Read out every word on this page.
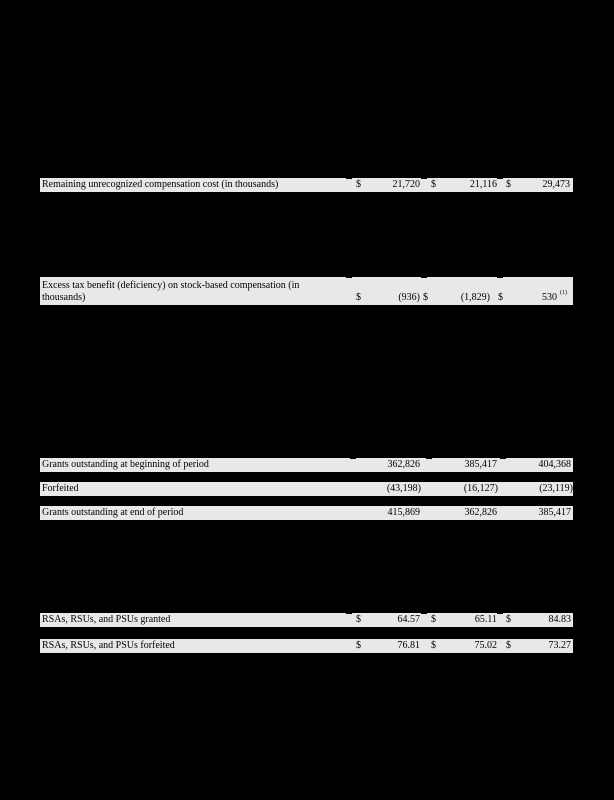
Remaining unrecognized compensation cost (in thousands)	$	21,720 $	21,116 $	29,473
Excess tax benefit (deficiency) on stock-based compensation (in
thousands)	$	(936) $	(1,829) $	530 (1)
Grants outstanding at beginning of period	362,826	385,417	404,368
Forfeited	(43,198)	(16,127)	(23,119)
Grants outstanding at end of period	415,869	362,826	385,417
RSAs, RSUs, and PSUs granted	$	64.57 $	65.11 $	84.83
RSAs, RSUs, and PSUs forfeited	$	76.81 $	75.02 $	73.27
